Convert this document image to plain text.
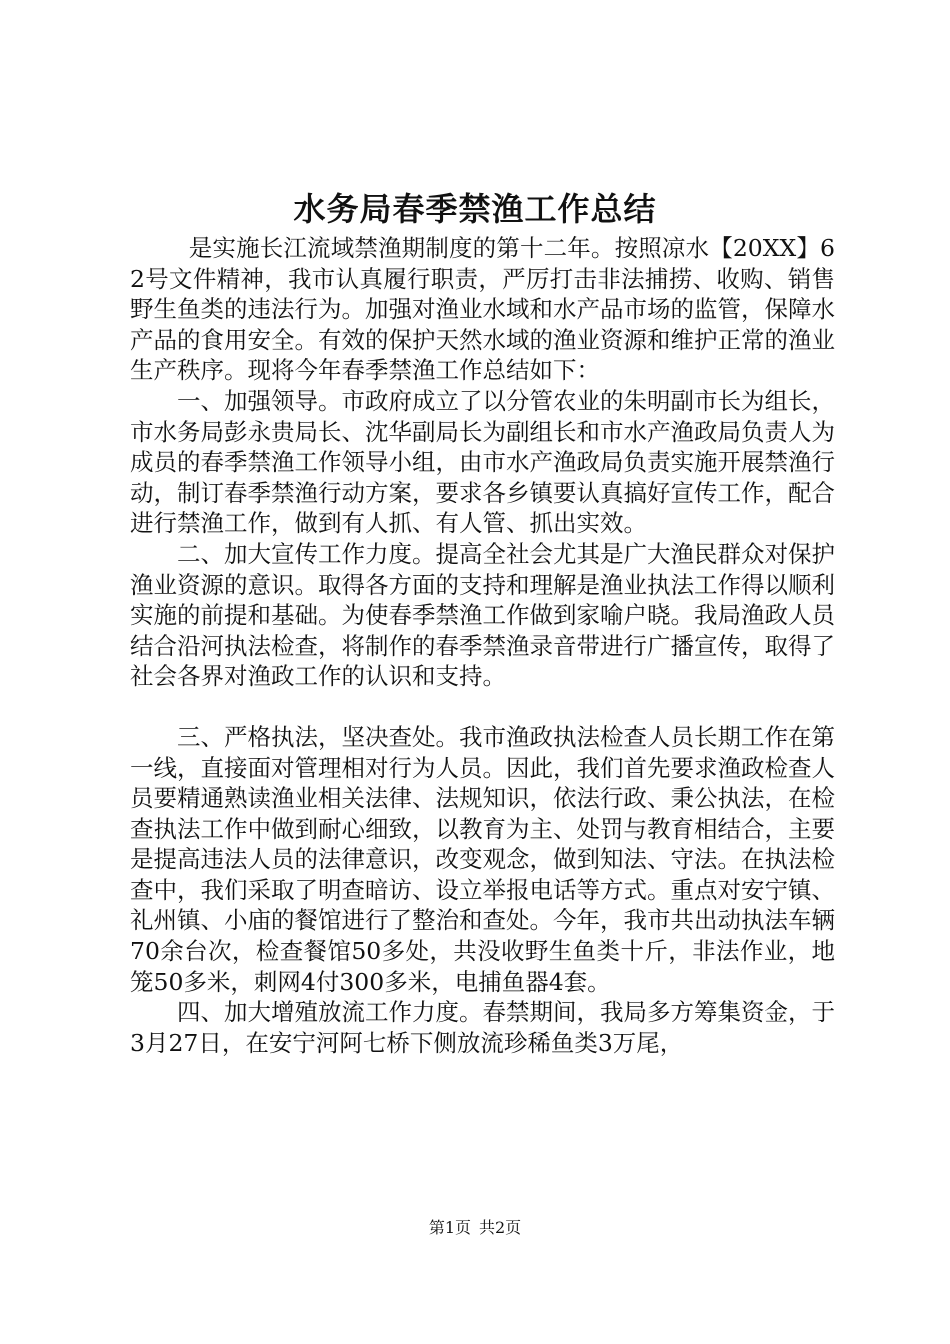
水务局春季禁渔工作总结

是实施长江流域禁渔期制度的第十二年。按照凉水【20XX】62号文件精神，我市认真履行职责，严厉打击非法捕捞、收购、销售野生鱼类的违法行为。加强对渔业水域和水产品市场的监管，保障水产品的食用安全。有效的保护天然水域的渔业资源和维护正常的渔业生产秩序。现将今年春季禁渔工作总结如下：

一、加强领导。市政府成立了以分管农业的朱明副市长为组长，市水务局彭永贵局长、沈华副局长为副组长和市水产渔政局负责人为成员的春季禁渔工作领导小组，由市水产渔政局负责实施开展禁渔行动，制订春季禁渔行动方案，要求各乡镇要认真搞好宣传工作，配合进行禁渔工作，做到有人抓、有人管、抓出实效。

二、加大宣传工作力度。提高全社会尤其是广大渔民群众对保护渔业资源的意识。取得各方面的支持和理解是渔业执法工作得以顺利实施的前提和基础。为使春季禁渔工作做到家喻户晓。我局渔政人员结合沿河执法检查，将制作的春季禁渔录音带进行广播宣传，取得了社会各界对渔政工作的认识和支持。

三、严格执法，坚决查处。我市渔政执法检查人员长期工作在第一线，直接面对管理相对行为人员。因此，我们首先要求渔政检查人员要精通熟读渔业相关法律、法规知识，依法行政、秉公执法，在检查执法工作中做到耐心细致，以教育为主、处罚与教育相结合，主要是提高违法人员的法律意识，改变观念，做到知法、守法。在执法检查中，我们采取了明查暗访、设立举报电话等方式。重点对安宁镇、礼州镇、小庙的餐馆进行了整治和查处。今年，我市共出动执法车辆70余台次，检查餐馆50多处，共没收野生鱼类十斤，非法作业，地笼50多米，刺网4付300多米，电捕鱼器4套。

四、加大增殖放流工作力度。春禁期间，我局多方筹集资金，于3月27日，在安宁河阿七桥下侧放流珍稀鱼类3万尾，

第1页 共2页
